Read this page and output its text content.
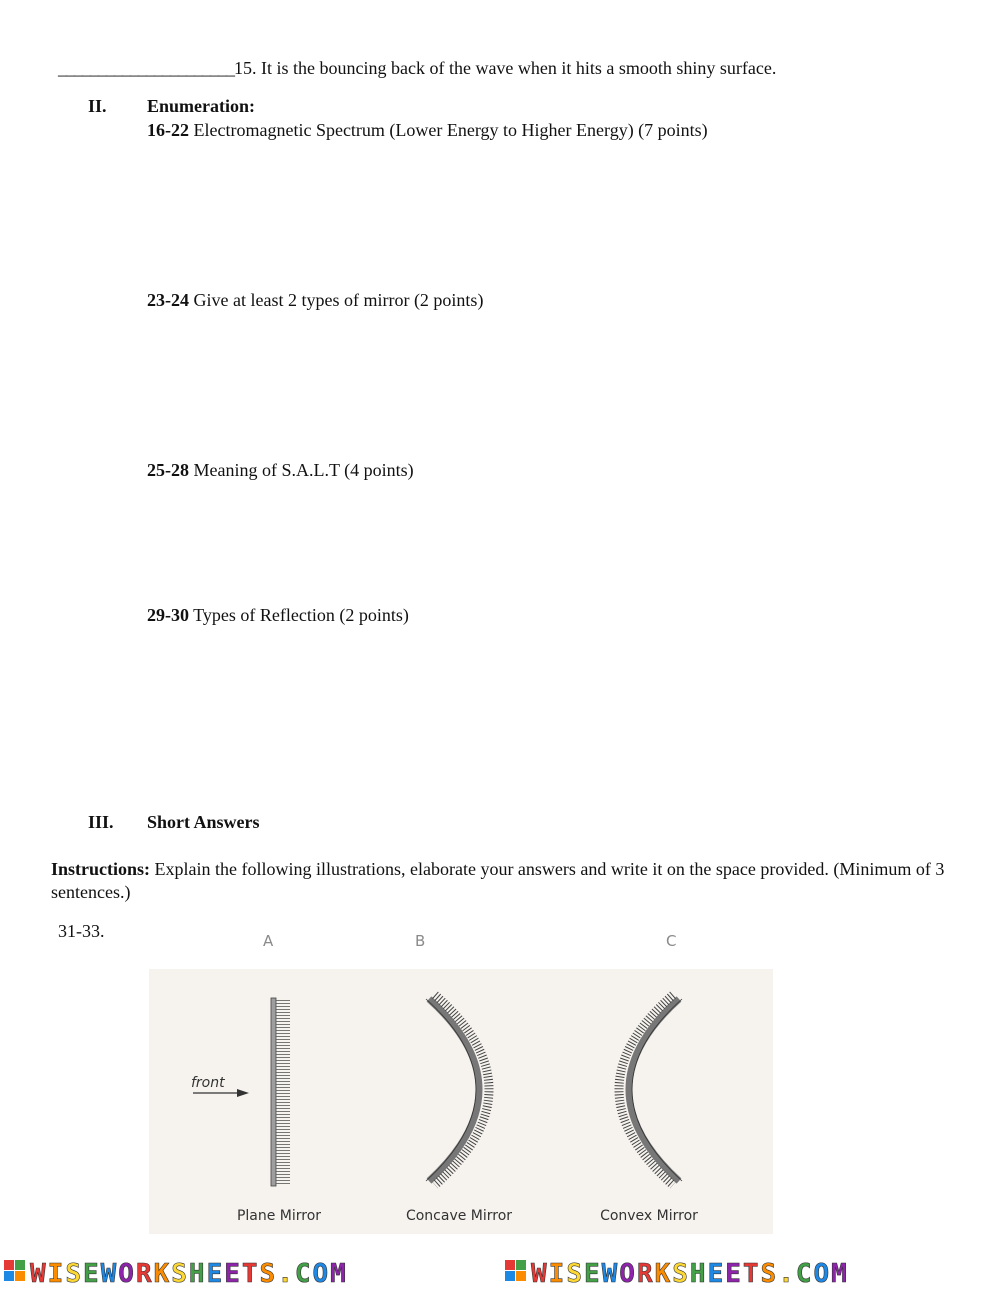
______________________15. It is the bouncing back of the wave when it hits a smooth shiny surface.
II. Enumeration:
16-22 Electromagnetic Spectrum (Lower Energy to Higher Energy) (7 points)
23-24 Give at least 2 types of mirror (2 points)
25-28 Meaning of S.A.L.T (4 points)
29-30 Types of Reflection (2 points)
III. Short Answers
Instructions: Explain the following illustrations, elaborate your answers and write it on the space provided. (Minimum of 3 sentences.)
31-33.	A	B	C
front
Plane Mirror	Concave Mirror	Convex Mirror
WISEWORKSHEETS.COM	WISEWORKSHEETS.COM
